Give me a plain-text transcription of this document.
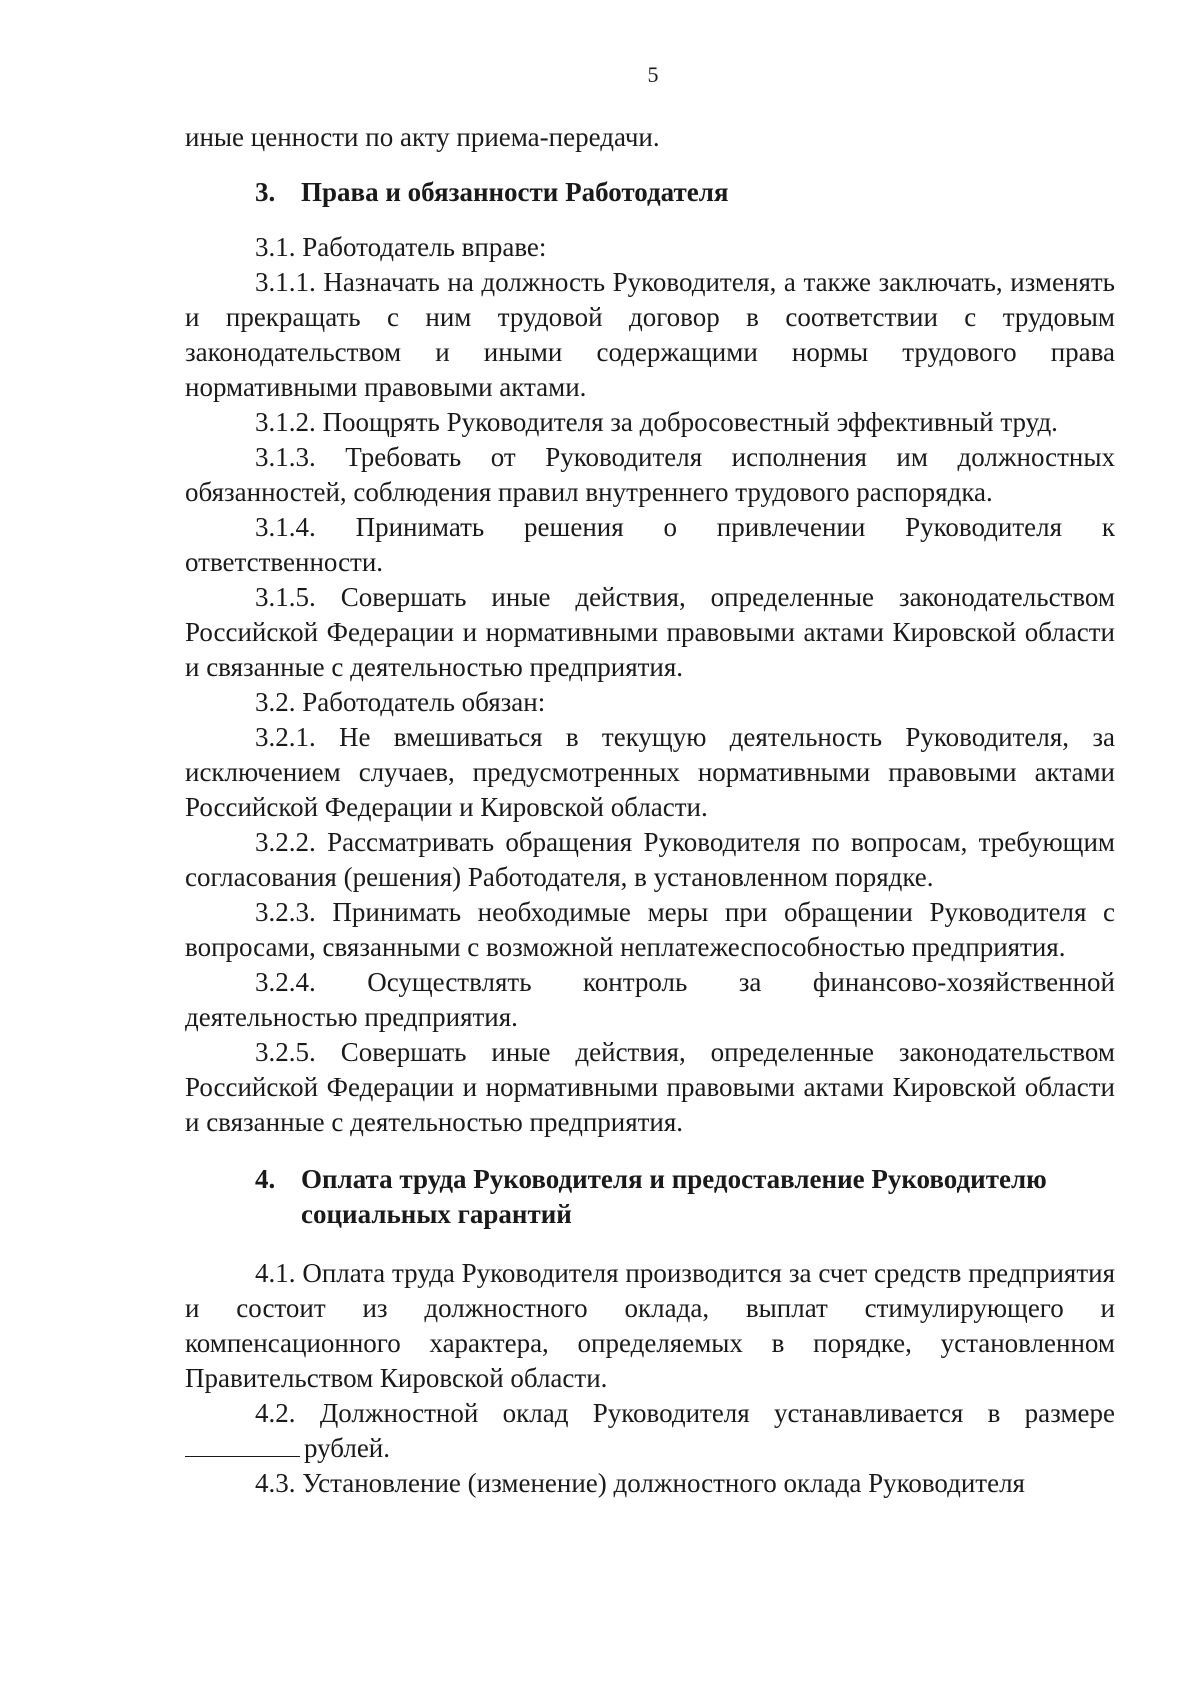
5

иные ценности по акту приема-передачи.

3. Права и обязанности Работодателя

3.1. Работодатель вправе:

3.1.1. Назначать на должность Руководителя, а также заключать, изменять и прекращать с ним трудовой договор в соответствии с трудовым законодательством и иными содержащими нормы трудового права нормативными правовыми актами.

3.1.2. Поощрять Руководителя за добросовестный эффективный труд.

3.1.3. Требовать от Руководителя исполнения им должностных обязанностей, соблюдения правил внутреннего трудового распорядка.

3.1.4. Принимать решения о привлечении Руководителя к ответственности.

3.1.5. Совершать иные действия, определенные законодательством Российской Федерации и нормативными правовыми актами Кировской области и связанные с деятельностью предприятия.

3.2. Работодатель обязан:

3.2.1. Не вмешиваться в текущую деятельность Руководителя, за исключением случаев, предусмотренных нормативными правовыми актами Российской Федерации и Кировской области.

3.2.2. Рассматривать обращения Руководителя по вопросам, требующим согласования (решения) Работодателя, в установленном порядке.

3.2.3. Принимать необходимые меры при обращении Руководителя с вопросами, связанными с возможной неплатежеспособностью предприятия.

3.2.4. Осуществлять контроль за финансово-хозяйственной деятельностью предприятия.

3.2.5. Совершать иные действия, определенные законодательством Российской Федерации и нормативными правовыми актами Кировской области и связанные с деятельностью предприятия.

4. Оплата труда Руководителя и предоставление Руководителю
социальных гарантий

4.1. Оплата труда Руководителя производится за счет средств предприятия и состоит из должностного оклада, выплат стимулирующего и компенсационного характера, определяемых в порядке, установленном Правительством Кировской области.

4.2. Должностной оклад Руководителя устанавливается в размере рублей.

4.3. Установление (изменение) должностного оклада Руководителя
